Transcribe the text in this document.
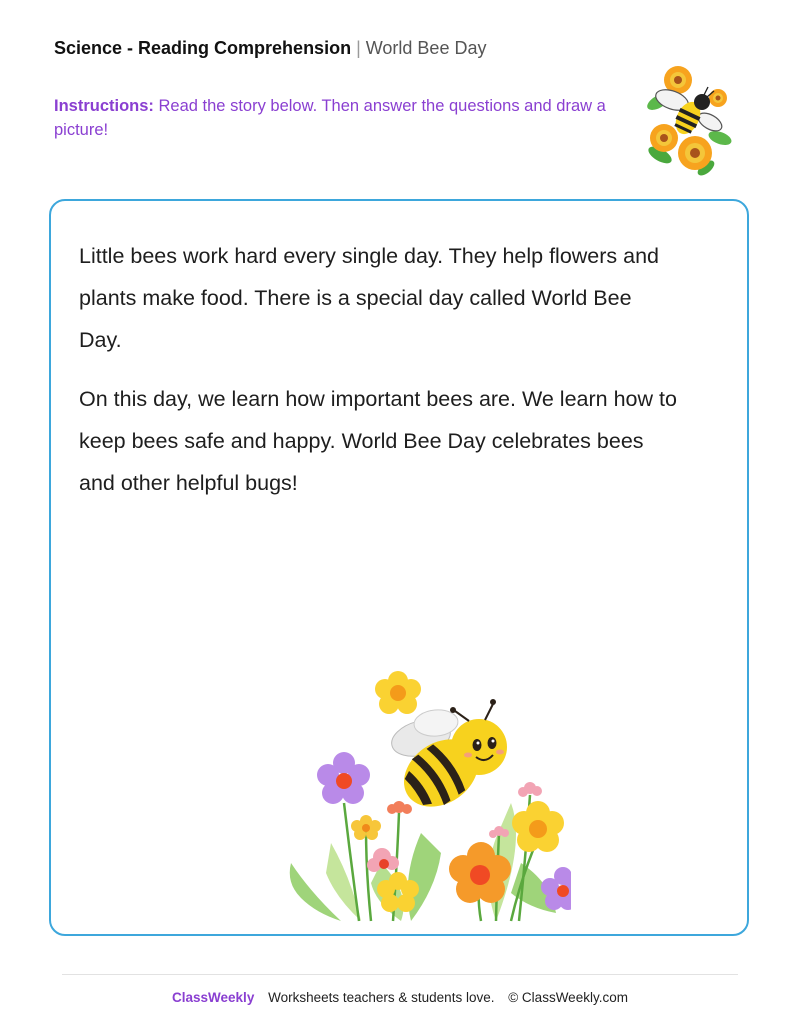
Science - Reading Comprehension | World Bee Day
Instructions: Read the story below. Then answer the questions and draw a picture!

Little bees work hard every single day. They help flowers and plants make food. There is a special day called World Bee Day.

On this day, we learn how important bees are. We learn how to keep bees safe and happy. World Bee Day celebrates bees and other helpful bugs!

ClassWeekly Worksheets teachers & students love. © ClassWeekly.com
